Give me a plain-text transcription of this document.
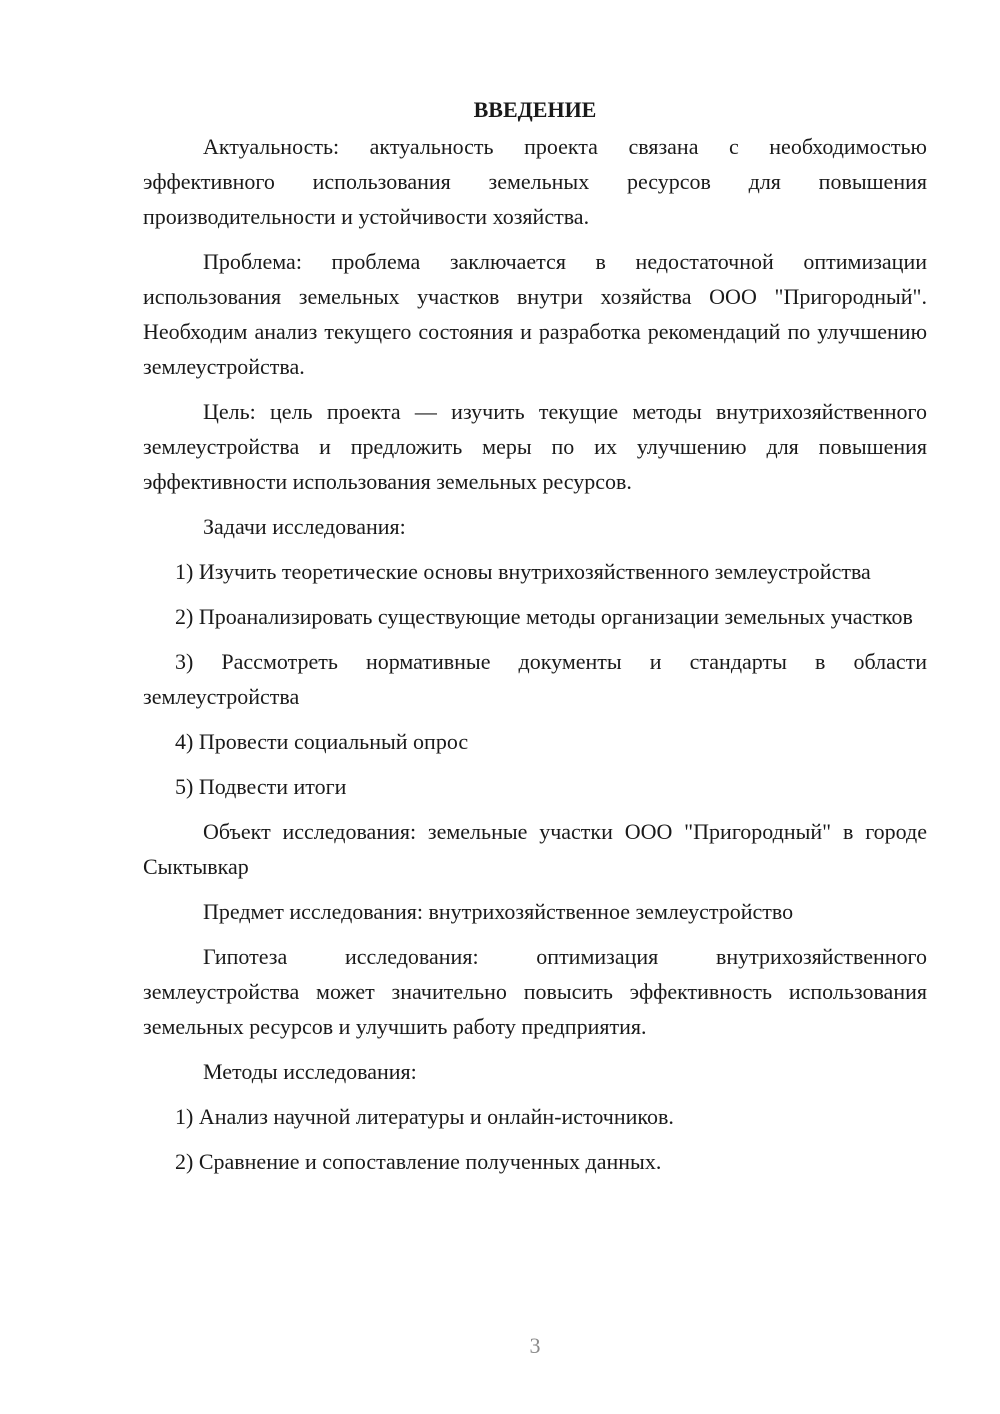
ВВЕДЕНИЕ

Актуальность: актуальность проекта связана с необходимостью эффективного использования земельных ресурсов для повышения производительности и устойчивости хозяйства.

Проблема: проблема заключается в недостаточной оптимизации использования земельных участков внутри хозяйства ООО "Пригородный". Необходим анализ текущего состояния и разработка рекомендаций по улучшению землеустройства.

Цель: цель проекта — изучить текущие методы внутрихозяйственного землеустройства и предложить меры по их улучшению для повышения эффективности использования земельных ресурсов.

Задачи исследования:

1) Изучить теоретические основы внутрихозяйственного землеустройства

2) Проанализировать существующие методы организации земельных участков

3) Рассмотреть нормативные документы и стандарты в области землеустройства

4) Провести социальный опрос

5) Подвести итоги

Объект исследования: земельные участки ООО "Пригородный" в городе Сыктывкар

Предмет исследования: внутрихозяйственное землеустройство

Гипотеза исследования: оптимизация внутрихозяйственного землеустройства может значительно повысить эффективность использования земельных ресурсов и улучшить работу предприятия.

Методы исследования:

1) Анализ научной литературы и онлайн-источников.

2) Сравнение и сопоставление полученных данных.

3
